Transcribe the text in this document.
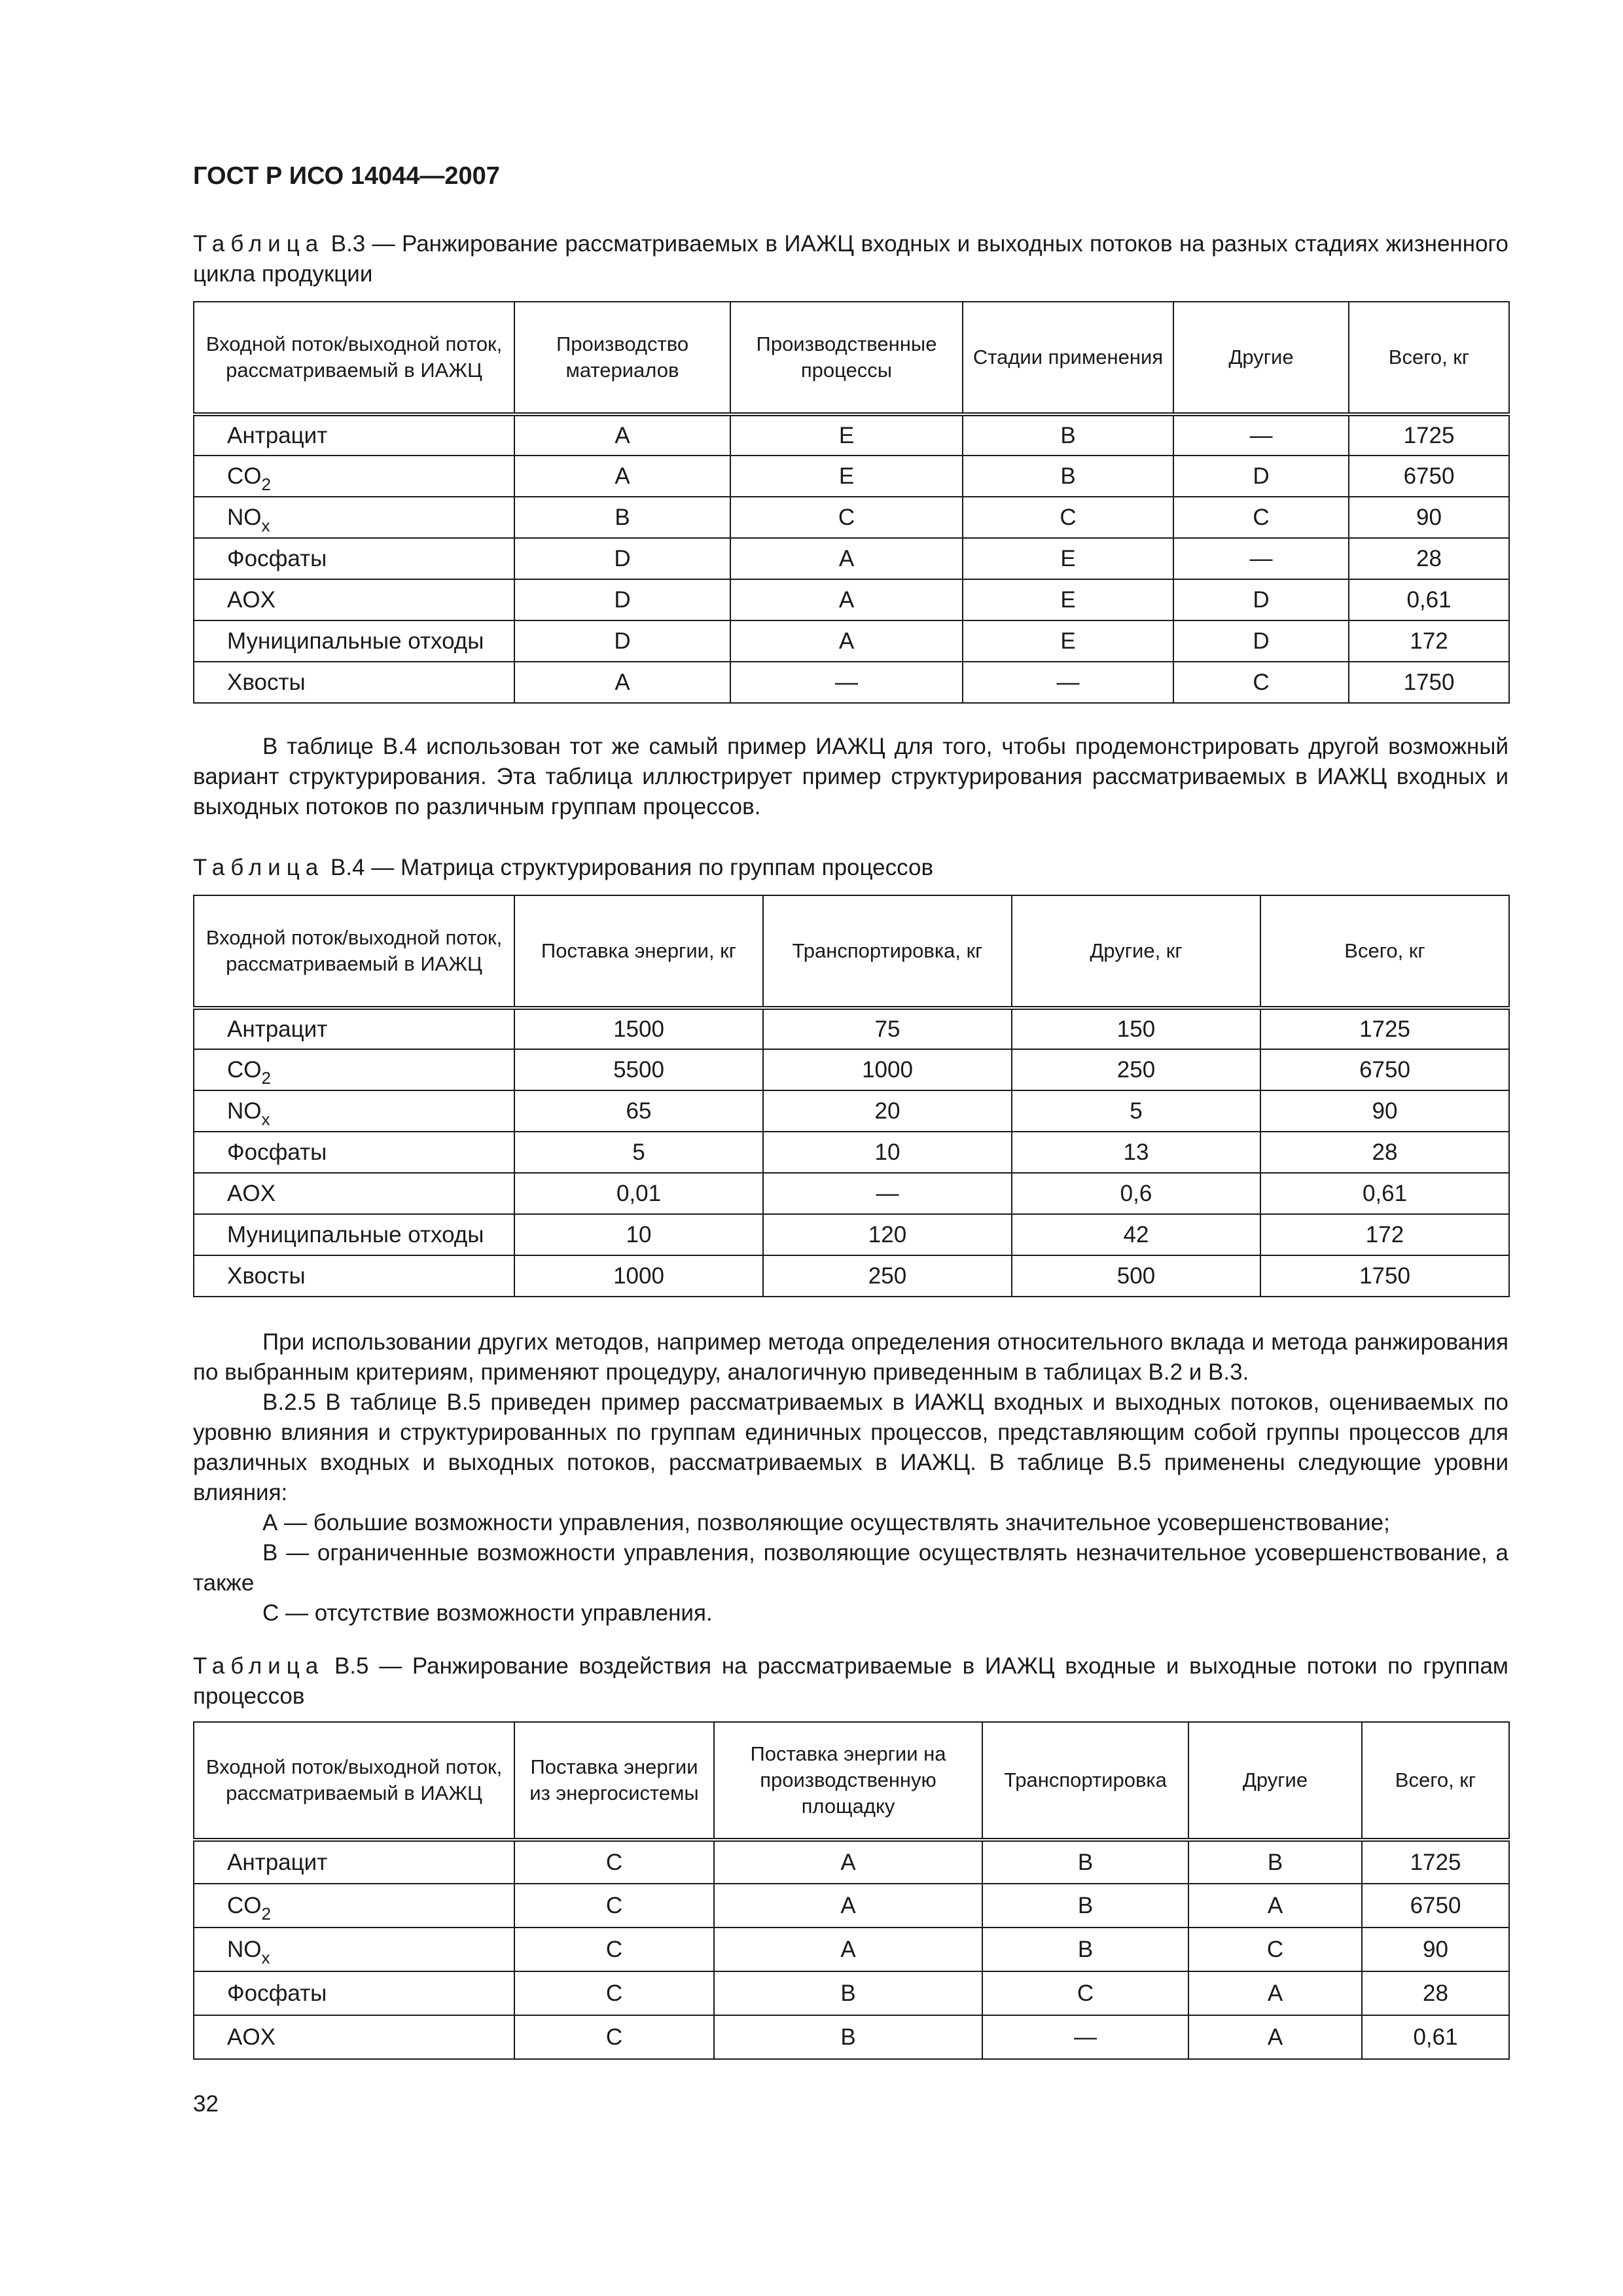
ГОСТ Р ИСО 14044—2007
Таблица В.3 — Ранжирование рассматриваемых в ИАЖЦ входных и выходных потоков на разных стадиях жизненного цикла продукции
Входной поток/выходной поток, рассматриваемый в ИАЖЦ	Производство материалов	Производственные процессы	Стадии применения	Другие	Всего, кг
Антрацит	A	E	B	—	1725
$CO_2$	A	E	B	D	6750
$NO_x$	B	C	C	C	90
Фосфаты	D	A	E	—	28
AOX	D	A	E	D	0,61
Муниципальные отходы	D	A	E	D	172
Хвосты	A	—	—	C	1750

В таблице В.4 использован тот же самый пример ИАЖЦ для того, чтобы продемонстрировать другой возможный вариант структурирования. Эта таблица иллюстрирует пример структурирования рассматриваемых в ИАЖЦ входных и выходных потоков по различным группам процессов.

Таблица В.4 — Матрица структурирования по группам процессов
Входной поток/выходной поток, рассматриваемый в ИАЖЦ	Поставка энергии, кг	Транспортировка, кг	Другие, кг	Всего, кг
Антрацит	1500	75	150	1725
$CO_2$	5500	1000	250	6750
$NO_x$	65	20	5	90
Фосфаты	5	10	13	28
AOX	0,01	—	0,6	0,61
Муниципальные отходы	10	120	42	172
Хвосты	1000	250	500	1750

При использовании других методов, например метода определения относительного вклада и метода ранжирования по выбранным критериям, применяют процедуру, аналогичную приведенным в таблицах В.2 и В.3.

В.2.5 В таблице В.5 приведен пример рассматриваемых в ИАЖЦ входных и выходных потоков, оцениваемых по уровню влияния и структурированных по группам единичных процессов, представляющим собой группы процессов для различных входных и выходных потоков, рассматриваемых в ИАЖЦ. В таблице В.5 применены следующие уровни влияния:

А — большие возможности управления, позволяющие осуществлять значительное усовершенствование;

В — ограниченные возможности управления, позволяющие осуществлять незначительное усовершенствование, а также

С — отсутствие возможности управления.

Таблица В.5 — Ранжирование воздействия на рассматриваемые в ИАЖЦ входные и выходные потоки по группам процессов
Входной поток/выходной поток, рассматриваемый в ИАЖЦ	Поставка энергии из энергосистемы	Поставка энергии на производственную площадку	Транспортировка	Другие	Всего, кг
Антрацит	C	A	B	B	1725
$CO_2$	C	A	B	A	6750
$NO_x$	C	A	B	C	90
Фосфаты	C	B	C	A	28
AOX	C	B	—	A	0,61
32
